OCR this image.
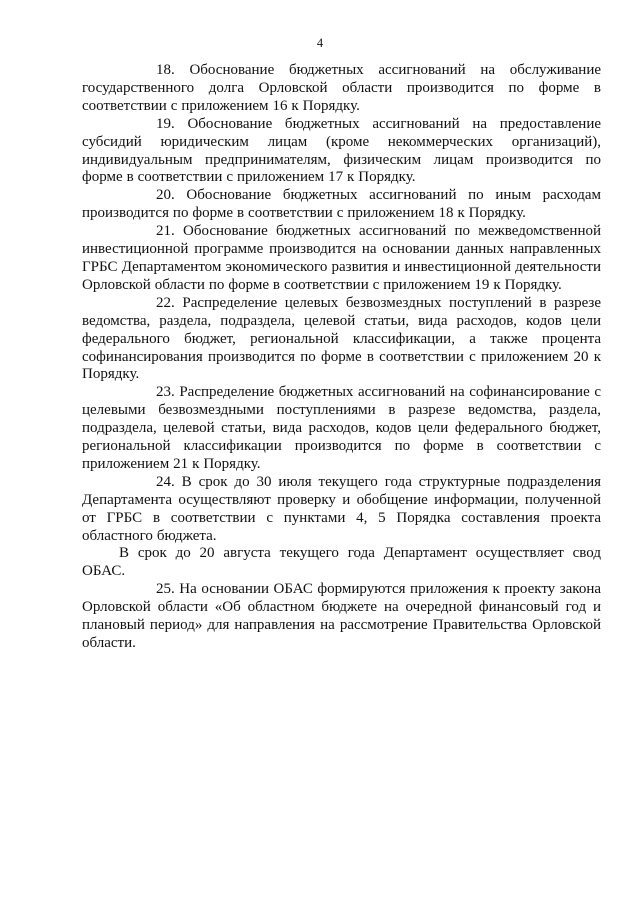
4

18. Обоснование бюджетных ассигнований на обслуживание государственного долга Орловской области производится по форме в соответствии с приложением 16 к Порядку.

19. Обоснование бюджетных ассигнований на предоставление субсидий юридическим лицам (кроме некоммерческих организаций), индивидуальным предпринимателям, физическим лицам производится по форме в соответствии с приложением 17 к Порядку.

20. Обоснование бюджетных ассигнований по иным расходам производится по форме в соответствии с приложением 18 к Порядку.

21. Обоснование бюджетных ассигнований по межведомственной инвестиционной программе производится на основании данных направленных ГРБС Департаментом экономического развития и инвестиционной деятельности Орловской области по форме в соответствии с приложением 19 к Порядку.

22. Распределение целевых безвозмездных поступлений в разрезе ведомства, раздела, подраздела, целевой статьи, вида расходов, кодов цели федерального бюджет, региональной классификации, а также процента софинансирования производится по форме в соответствии с приложением 20 к Порядку.

23. Распределение бюджетных ассигнований на софинансирование с целевыми безвозмездными поступлениями в разрезе ведомства, раздела, подраздела, целевой статьи, вида расходов, кодов цели федерального бюджет, региональной классификации производится по форме в соответствии с приложением 21 к Порядку.

24. В срок до 30 июля текущего года структурные подразделения Департамента осуществляют проверку и обобщение информации, полученной от ГРБС в соответствии с пунктами 4, 5 Порядка составления проекта областного бюджета.

В срок до 20 августа текущего года Департамент осуществляет свод ОБАС.

25. На основании ОБАС формируются приложения к проекту закона Орловской области «Об областном бюджете на очередной финансовый год и плановый период» для направления на рассмотрение Правительства Орловской области.
